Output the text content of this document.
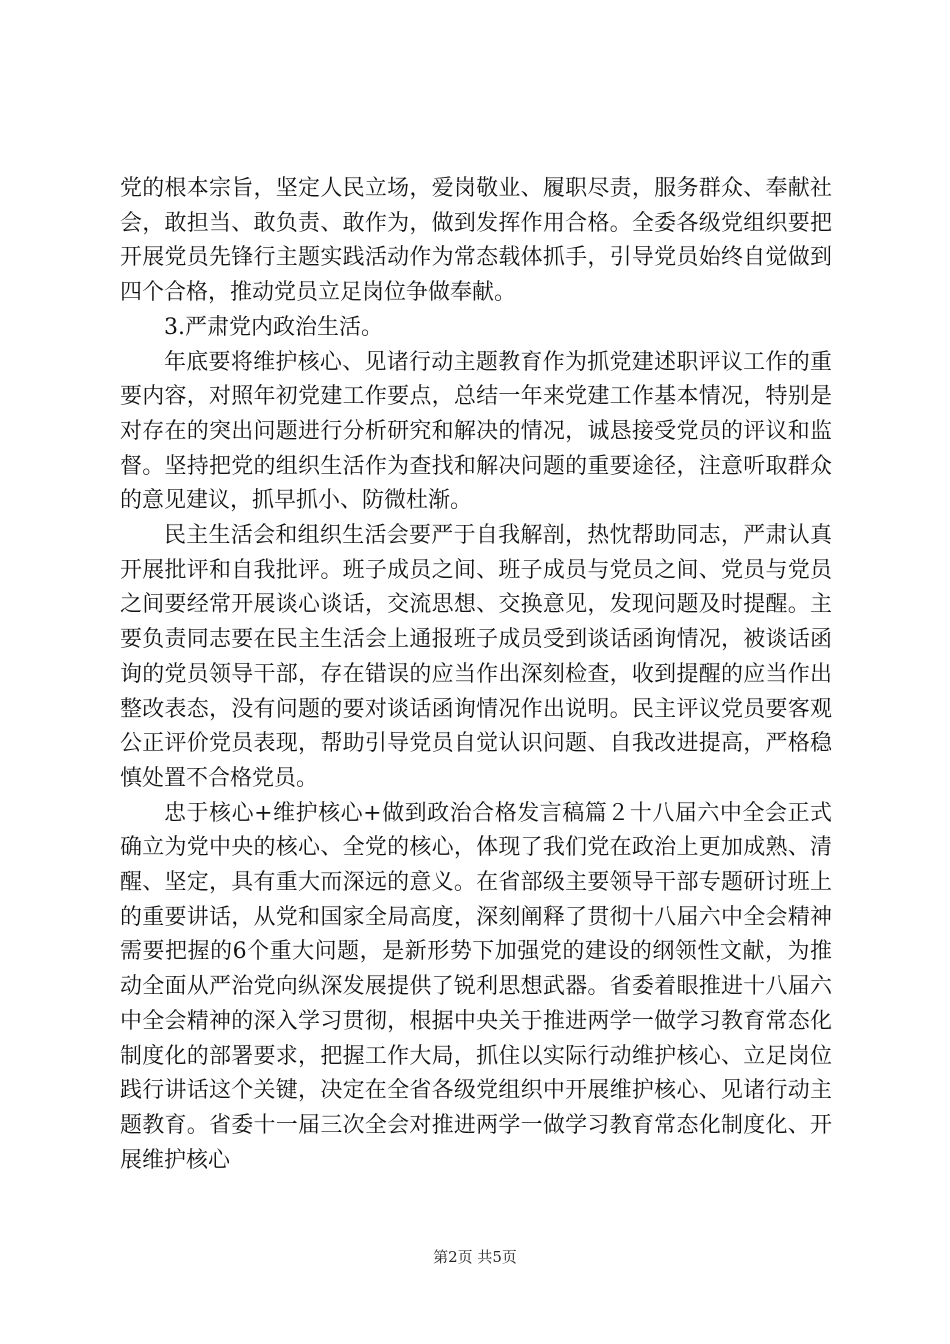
党的根本宗旨，坚定人民立场，爱岗敬业、履职尽责，服务群众、奉献社会，敢担当、敢负责、敢作为，做到发挥作用合格。全委各级党组织要把开展党员先锋行主题实践活动作为常态载体抓手，引导党员始终自觉做到四个合格，推动党员立足岗位争做奉献。

3.严肃党内政治生活。

年底要将维护核心、见诸行动主题教育作为抓党建述职评议工作的重要内容，对照年初党建工作要点，总结一年来党建工作基本情况，特别是对存在的突出问题进行分析研究和解决的情况，诚恳接受党员的评议和监督。坚持把党的组织生活作为查找和解决问题的重要途径，注意听取群众的意见建议，抓早抓小、防微杜渐。

民主生活会和组织生活会要严于自我解剖，热忱帮助同志，严肃认真开展批评和自我批评。班子成员之间、班子成员与党员之间、党员与党员之间要经常开展谈心谈话，交流思想、交换意见，发现问题及时提醒。主要负责同志要在民主生活会上通报班子成员受到谈话函询情况，被谈话函询的党员领导干部，存在错误的应当作出深刻检查，收到提醒的应当作出整改表态，没有问题的要对谈话函询情况作出说明。民主评议党员要客观公正评价党员表现，帮助引导党员自觉认识问题、自我改进提高，严格稳慎处置不合格党员。

忠于核心+维护核心+做到政治合格发言稿篇２十八届六中全会正式确立为党中央的核心、全党的核心，体现了我们党在政治上更加成熟、清醒、坚定，具有重大而深远的意义。在省部级主要领导干部专题研讨班上的重要讲话，从党和国家全局高度，深刻阐释了贯彻十八届六中全会精神需要把握的6个重大问题，是新形势下加强党的建设的纲领性文献，为推动全面从严治党向纵深发展提供了锐利思想武器。省委着眼推进十八届六中全会精神的深入学习贯彻，根据中央关于推进两学一做学习教育常态化制度化的部署要求，把握工作大局，抓住以实际行动维护核心、立足岗位践行讲话这个关键，决定在全省各级党组织中开展维护核心、见诸行动主题教育。省委十一届三次全会对推进两学一做学习教育常态化制度化、开展维护核心

第2页 共5页
